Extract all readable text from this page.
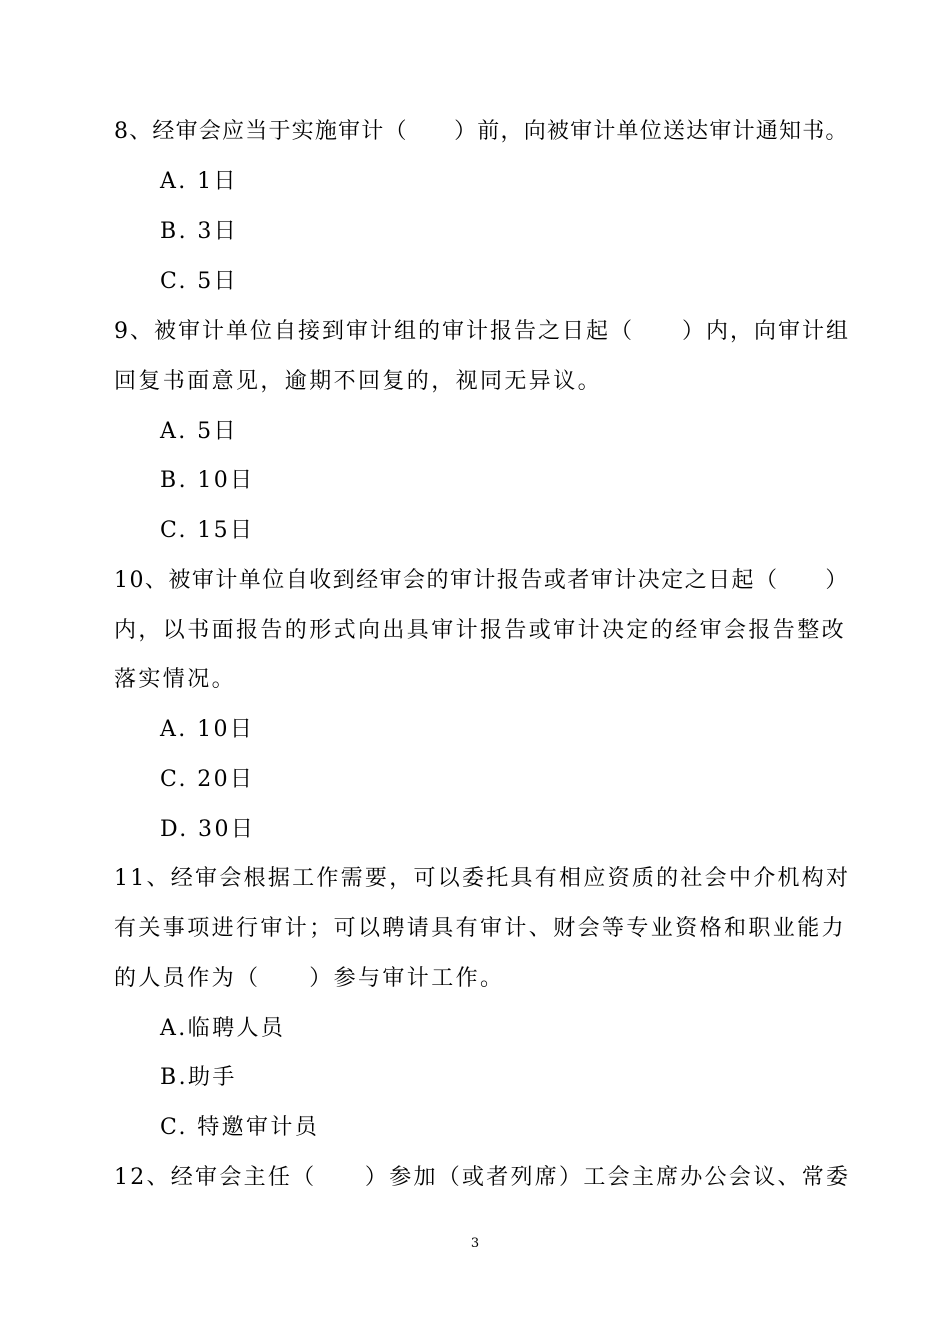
8、经审会应当于实施审计（　　）前，向被审计单位送达审计通知书。
A. 1日
B. 3日
C. 5日
9、被审计单位自接到审计组的审计报告之日起（　　）内，向审计组
回复书面意见，逾期不回复的，视同无异议。
A. 5日
B. 10日
C. 15日
10、被审计单位自收到经审会的审计报告或者审计决定之日起（　　）
内，以书面报告的形式向出具审计报告或审计决定的经审会报告整改
落实情况。
A. 10日
C. 20日
D. 30日
11、经审会根据工作需要，可以委托具有相应资质的社会中介机构对
有关事项进行审计；可以聘请具有审计、财会等专业资格和职业能力
的人员作为（　　）参与审计工作。
A.临聘人员
B.助手
C. 特邀审计员
12、经审会主任（　　）参加（或者列席）工会主席办公会议、常委
3
